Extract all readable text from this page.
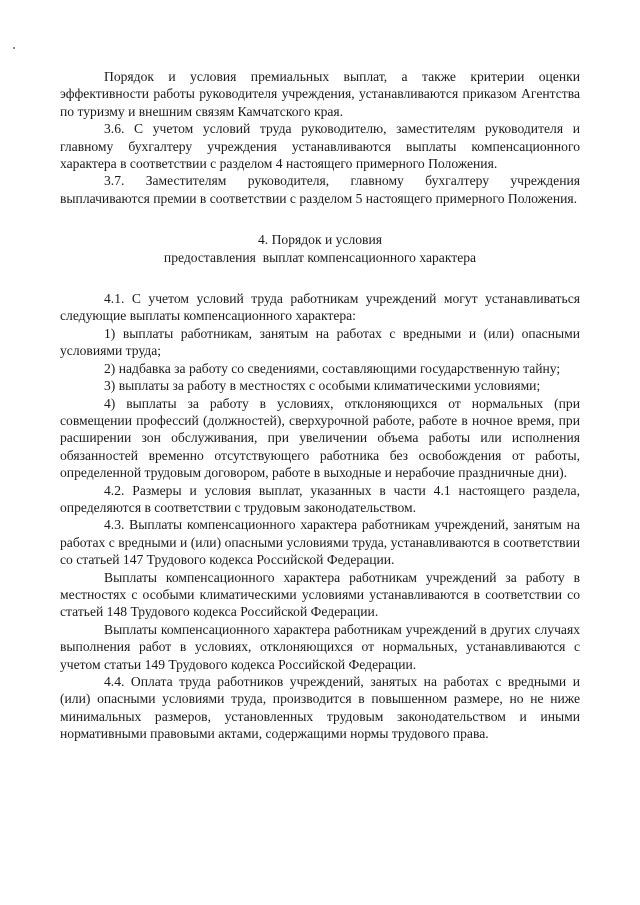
Порядок и условия премиальных выплат, а также критерии оценки эффективности работы руководителя учреждения, устанавливаются приказом Агентства по туризму и внешним связям Камчатского края.

3.6. С учетом условий труда руководителю, заместителям руководителя и главному бухгалтеру учреждения устанавливаются выплаты компенсационного характера в соответствии с разделом 4 настоящего примерного Положения.

3.7. Заместителям руководителя, главному бухгалтеру учреждения выплачиваются премии в соответствии с разделом 5 настоящего примерного Положения.

4. Порядок и условия

предоставления  выплат компенсационного характера

4.1. С учетом условий труда работникам учреждений могут устанавливаться следующие выплаты компенсационного характера:

1) выплаты работникам, занятым на работах с вредными и (или) опасными условиями труда;

2) надбавка за работу со сведениями, составляющими государственную тайну;

3) выплаты за работу в местностях с особыми климатическими условиями;

4) выплаты за работу в условиях, отклоняющихся от нормальных (при совмещении профессий (должностей), сверхурочной работе, работе в ночное время, при расширении зон обслуживания, при увеличении объема работы или исполнения обязанностей временно отсутствующего работника без освобождения от работы, определенной трудовым договором, работе в выходные и нерабочие праздничные дни).

4.2. Размеры и условия выплат, указанных в части 4.1 настоящего раздела, определяются в соответствии с трудовым законодательством.

4.3. Выплаты компенсационного характера работникам учреждений, занятым на работах с вредными и (или) опасными условиями труда, устанавливаются в соответствии со статьей 147 Трудового кодекса Российской Федерации.

Выплаты компенсационного характера работникам учреждений за работу в местностях с особыми климатическими условиями устанавливаются в соответствии со статьей 148 Трудового кодекса Российской Федерации.

Выплаты компенсационного характера работникам учреждений в других случаях выполнения работ в условиях, отклоняющихся от нормальных, устанавливаются с учетом статьи 149 Трудового кодекса Российской Федерации.

4.4. Оплата труда работников учреждений, занятых на работах с вредными и (или) опасными условиями труда, производится в повышенном размере, но не ниже минимальных размеров, установленных трудовым законодательством и иными нормативными правовыми актами, содержащими нормы трудового права.
